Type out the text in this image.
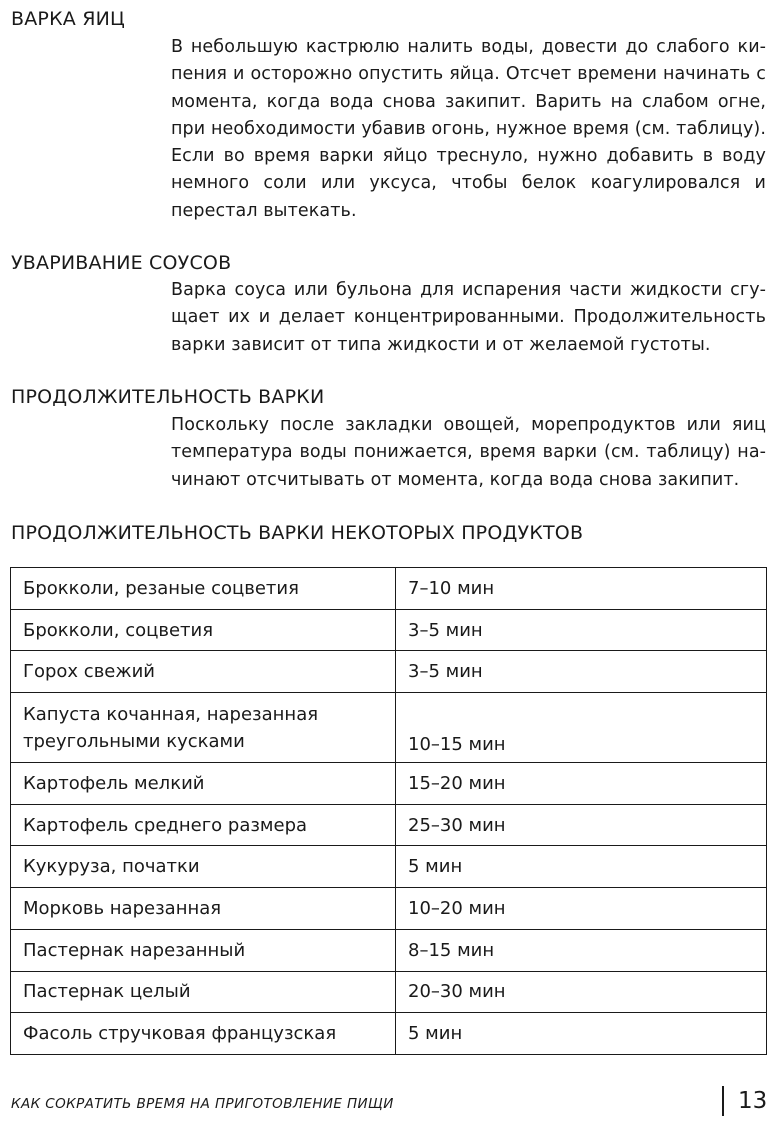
ВАРКА ЯИЦ
В небольшую кастрюлю налить воды, довести до слабого кипения и осторожно опустить яйца. Отсчет времени начинать с момента, когда вода снова закипит. Варить на слабом огне, при необходимости убавив огонь, нужное время (см. таблицу). Если во время варки яйцо треснуло, нужно добавить в воду немного соли или уксуса, чтобы белок коагулировался и перестал вытекать.
УВАРИВАНИЕ СОУСОВ
Варка соуса или бульона для испарения части жидкости сгущает их и делает концентрированными. Продолжительность варки зависит от типа жидкости и от желаемой густоты.
ПРОДОЛЖИТЕЛЬНОСТЬ ВАРКИ
Поскольку после закладки овощей, морепродуктов или яиц температура воды понижается, время варки (см. таблицу) начинают отсчитывать от момента, когда вода снова закипит.
ПРОДОЛЖИТЕЛЬНОСТЬ ВАРКИ НЕКОТОРЫХ ПРОДУКТОВ
Брокколи, резаные соцветия	7–10 мин
Брокколи, соцветия	3–5 мин
Горох свежий	3–5 мин
Капуста кочанная, нарезанная треугольными кусками	10–15 мин
Картофель мелкий	15–20 мин
Картофель среднего размера	25–30 мин
Кукуруза, початки	5 мин
Морковь нарезанная	10–20 мин
Пастернак нарезанный	8–15 мин
Пастернак целый	20–30 мин
Фасоль стручковая французская	5 мин
КАК СОКРАТИТЬ ВРЕМЯ НА ПРИГОТОВЛЕНИЕ ПИЩИ	13
